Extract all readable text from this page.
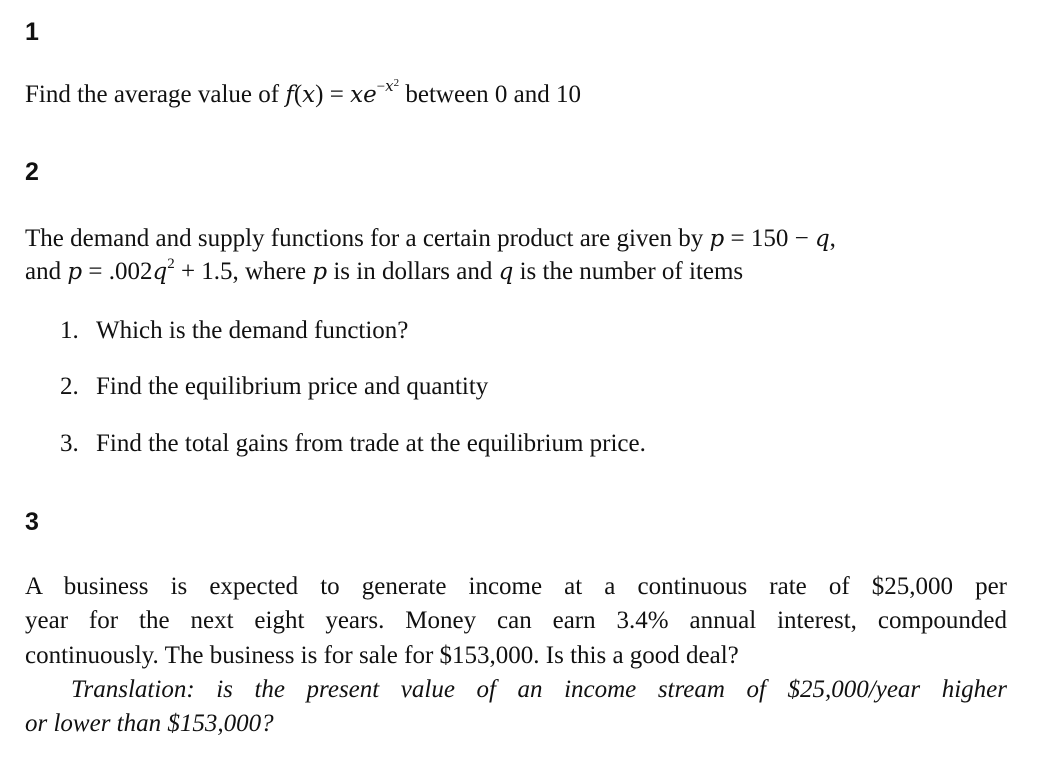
1
Find the average value of $f(x) = xe^{-x^2}$ between 0 and 10
2
The demand and supply functions for a certain product are given by p = 150 − q,
and $p = .002q^2 + 1.5$, where p is in dollars and q is the number of items
1. Which is the demand function?
2. Find the equilibrium price and quantity
3. Find the total gains from trade at the equilibrium price.
3
A business is expected to generate income at a continuous rate of $25,000 per
year for the next eight years. Money can earn 3.4% annual interest, compounded
continuously. The business is for sale for $153,000. Is this a good deal?
Translation: is the present value of an income stream of $25,000/year higher
or lower than $153,000?
